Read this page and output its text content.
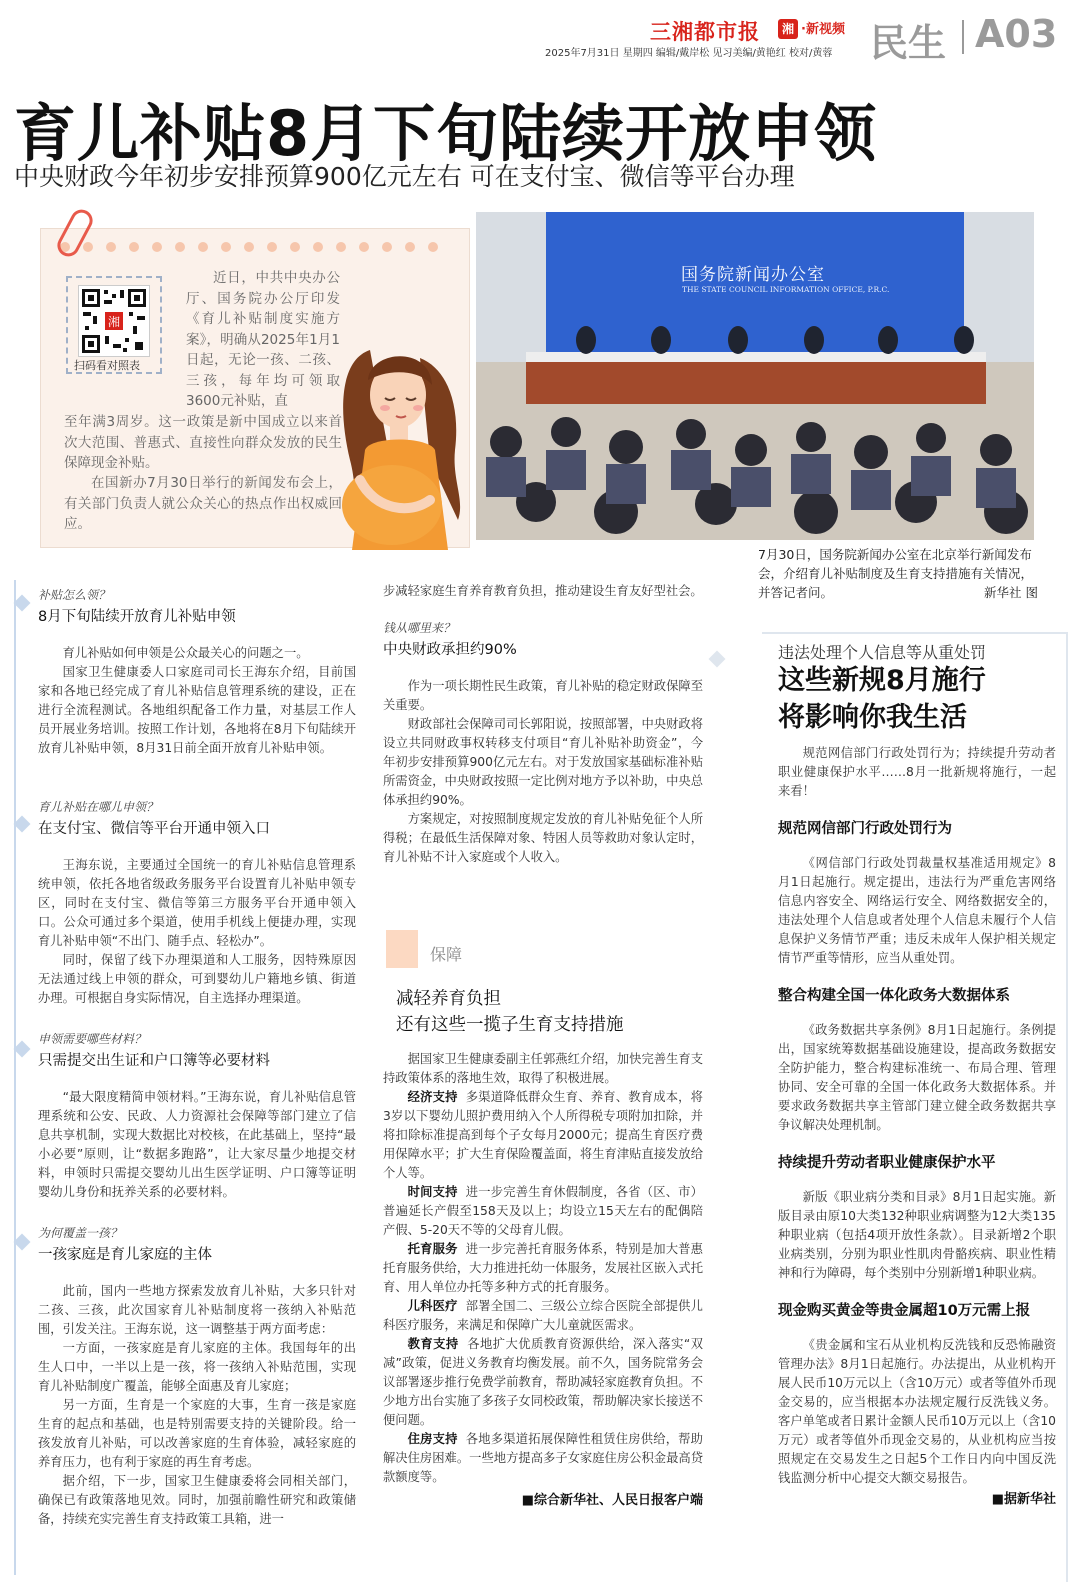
三湘都市报	湘 ·新视频 民生 A03
2025年7月31日 星期四 编辑/戴岸松 见习美编/黄艳红 校对/黄蓉
育儿补贴8月下旬陆续开放申领
中央财政今年初步安排预算900亿元左右 可在支付宝、微信等平台办理
湘
扫码看对照表

近日，中共中央办公厅、国务院办公厅印发《育儿补贴制度实施方案》，明确从2025年1月1日起，无论一孩、二孩、三孩，每年均可领取3600元补贴，直

至年满3周岁。这一政策是新中国成立以来首次大范围、普惠式、直接性向群众发放的民生保障现金补贴。

在国新办7月30日举行的新闻发布会上，有关部门负责人就公众关心的热点作出权威回应。

国务院新闻办公室
THE STATE COUNCIL INFORMATION OFFICE, P.R.C.

7月30日，国务院新闻办公室在北京举行新闻发布会，介绍育儿补贴制度及生育支持措施有关情况，并答记者问。	新华社 图

补贴怎么领？
8月下旬陆续开放育儿补贴申领

育儿补贴如何申领是公众最关心的问题之一。

国家卫生健康委人口家庭司司长王海东介绍，目前国家和各地已经完成了育儿补贴信息管理系统的建设，正在进行全流程测试。各地组织配备工作力量，对基层工作人员开展业务培训。按照工作计划，各地将在8月下旬陆续开放育儿补贴申领，8月31日前全面开放育儿补贴申领。

育儿补贴在哪儿申领？
在支付宝、微信等平台开通申领入口

王海东说，主要通过全国统一的育儿补贴信息管理系统申领，依托各地省级政务服务平台设置育儿补贴申领专区，同时在支付宝、微信等第三方服务平台开通申领入口。公众可通过多个渠道，使用手机线上便捷办理，实现育儿补贴申领“不出门、随手点、轻松办”。

同时，保留了线下办理渠道和人工服务，因特殊原因无法通过线上申领的群众，可到婴幼儿户籍地乡镇、街道办理。可根据自身实际情况，自主选择办理渠道。

申领需要哪些材料？
只需提交出生证和户口簿等必要材料

“最大限度精简申领材料。”王海东说，育儿补贴信息管理系统和公安、民政、人力资源社会保障等部门建立了信息共享机制，实现大数据比对校核，在此基础上，坚持“最小必要”原则，让“数据多跑路”，让大家尽量少地提交材料，申领时只需提交婴幼儿出生医学证明、户口簿等证明婴幼儿身份和抚养关系的必要材料。

为何覆盖一孩？
一孩家庭是育儿家庭的主体

此前，国内一些地方探索发放育儿补贴，大多只针对二孩、三孩，此次国家育儿补贴制度将一孩纳入补贴范围，引发关注。王海东说，这一调整基于两方面考虑：

一方面，一孩家庭是育儿家庭的主体。我国每年的出生人口中，一半以上是一孩，将一孩纳入补贴范围，实现育儿补贴制度广覆盖，能够全面惠及育儿家庭；

另一方面，生育是一个家庭的大事，生育一孩是家庭生育的起点和基础，也是特别需要支持的关键阶段。给一孩发放育儿补贴，可以改善家庭的生育体验，减轻家庭的养育压力，也有利于家庭的再生育考虑。

据介绍，下一步，国家卫生健康委将会同相关部门，确保已有政策落地见效。同时，加强前瞻性研究和政策储备，持续充实完善生育支持政策工具箱，进一

步减轻家庭生育养育教育负担，推动建设生育友好型社会。

钱从哪里来？
中央财政承担约90%

作为一项长期性民生政策，育儿补贴的稳定财政保障至关重要。

财政部社会保障司司长郭阳说，按照部署，中央财政将设立共同财政事权转移支付项目“育儿补贴补助资金”，今年初步安排预算900亿元左右。对于发放国家基础标准补贴所需资金，中央财政按照一定比例对地方予以补助，中央总体承担约90%。

方案规定，对按照制度规定发放的育儿补贴免征个人所得税；在最低生活保障对象、特困人员等救助对象认定时，育儿补贴不计入家庭或个人收入。

保障
减轻养育负担
还有这些一揽子生育支持措施

据国家卫生健康委副主任郭燕红介绍，加快完善生育支持政策体系的落地生效，取得了积极进展。

经济支持 多渠道降低群众生育、养育、教育成本，将3岁以下婴幼儿照护费用纳入个人所得税专项附加扣除，并将扣除标准提高到每个子女每月2000元；提高生育医疗费用保障水平；扩大生育保险覆盖面，将生育津贴直接发放给个人等。

时间支持 进一步完善生育休假制度，各省（区、市）普遍延长产假至158天及以上；均设立15天左右的配偶陪产假、5-20天不等的父母育儿假。

托育服务 进一步完善托育服务体系，特别是加大普惠托育服务供给，大力推进托幼一体服务，发展社区嵌入式托育、用人单位办托等多种方式的托育服务。

儿科医疗 部署全国二、三级公立综合医院全部提供儿科医疗服务，来满足和保障广大儿童就医需求。

教育支持 各地扩大优质教育资源供给，深入落实“双减”政策，促进义务教育均衡发展。前不久，国务院常务会议部署逐步推行免费学前教育，帮助减轻家庭教育负担。不少地方出台实施了多孩子女同校政策，帮助解决家长接送不便问题。

住房支持 各地多渠道拓展保障性租赁住房供给，帮助解决住房困难。一些地方提高多子女家庭住房公积金最高贷款额度等。

■综合新华社、人民日报客户端
违法处理个人信息等从重处罚
这些新规8月施行
将影响你我生活

规范网信部门行政处罚行为；持续提升劳动者职业健康保护水平……8月一批新规将施行，一起来看！

规范网信部门行政处罚行为

《网信部门行政处罚裁量权基准适用规定》8月1日起施行。规定提出，违法行为严重危害网络信息内容安全、网络运行安全、网络数据安全的，违法处理个人信息或者处理个人信息未履行个人信息保护义务情节严重；违反未成年人保护相关规定情节严重等情形，应当从重处罚。

整合构建全国一体化政务大数据体系

《政务数据共享条例》8月1日起施行。条例提出，国家统筹数据基础设施建设，提高政务数据安全防护能力，整合构建标准统一、布局合理、管理协同、安全可靠的全国一体化政务大数据体系。并要求政务数据共享主管部门建立健全政务数据共享争议解决处理机制。

持续提升劳动者职业健康保护水平

新版《职业病分类和目录》8月1日起实施。新版目录由原10大类132种职业病调整为12大类135种职业病（包括4项开放性条款）。目录新增2个职业病类别，分别为职业性肌肉骨骼疾病、职业性精神和行为障碍，每个类别中分别新增1种职业病。

现金购买黄金等贵金属超10万元需上报

《贵金属和宝石从业机构反洗钱和反恐怖融资管理办法》8月1日起施行。办法提出，从业机构开展人民币10万元以上（含10万元）或者等值外币现金交易的，应当根据本办法规定履行反洗钱义务。客户单笔或者日累计金额人民币10万元以上（含10万元）或者等值外币现金交易的，从业机构应当按照规定在交易发生之日起5个工作日内向中国反洗钱监测分析中心提交大额交易报告。

■据新华社
